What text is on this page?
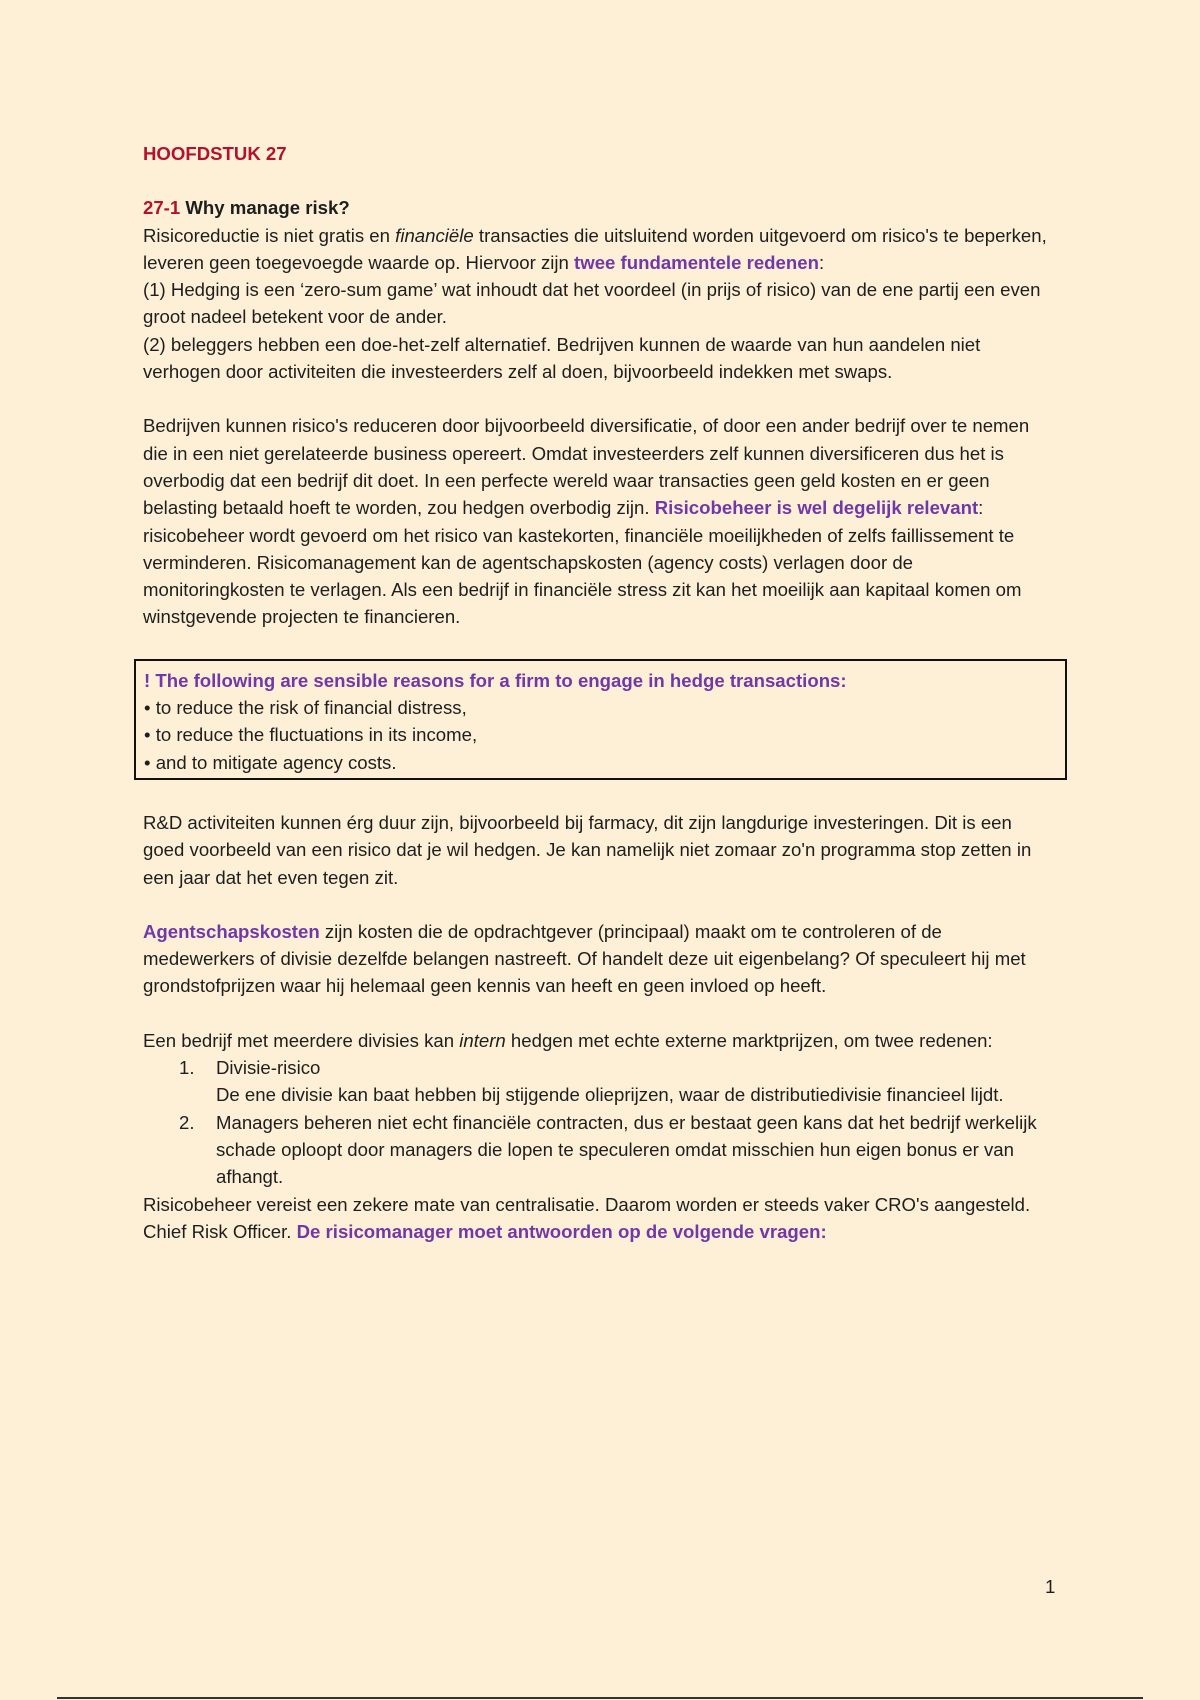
HOOFDSTUK 27

27-1 Why manage risk?

Risicoreductie is niet gratis en financiële transacties die uitsluitend worden uitgevoerd om risico's te beperken, leveren geen toegevoegde waarde op. Hiervoor zijn twee fundamentele redenen:

(1) Hedging is een ‘zero-sum game’ wat inhoudt dat het voordeel (in prijs of risico) van de ene partij een even groot nadeel betekent voor de ander.

(2) beleggers hebben een doe-het-zelf alternatief. Bedrijven kunnen de waarde van hun aandelen niet verhogen door activiteiten die investeerders zelf al doen, bijvoorbeeld indekken met swaps.

Bedrijven kunnen risico's reduceren door bijvoorbeeld diversificatie, of door een ander bedrijf over te nemen die in een niet gerelateerde business opereert. Omdat investeerders zelf kunnen diversificeren dus het is overbodig dat een bedrijf dit doet. In een perfecte wereld waar transacties geen geld kosten en er geen belasting betaald hoeft te worden, zou hedgen overbodig zijn. Risicobeheer is wel degelijk relevant: risicobeheer wordt gevoerd om het risico van kastekorten, financiële moeilijkheden of zelfs faillissement te verminderen. Risicomanagement kan de agentschapskosten (agency costs) verlagen door de monitoringkosten te verlagen. Als een bedrijf in financiële stress zit kan het moeilijk aan kapitaal komen om winstgevende projecten te financieren.

! The following are sensible reasons for a firm to engage in hedge transactions:

• to reduce the risk of financial distress,

• to reduce the fluctuations in its income,

• and to mitigate agency costs.

R&D activiteiten kunnen érg duur zijn, bijvoorbeeld bij farmacy, dit zijn langdurige investeringen. Dit is een goed voorbeeld van een risico dat je wil hedgen. Je kan namelijk niet zomaar zo'n programma stop zetten in een jaar dat het even tegen zit.

Agentschapskosten zijn kosten die de opdrachtgever (principaal) maakt om te controleren of de medewerkers of divisie dezelfde belangen nastreeft. Of handelt deze uit eigenbelang? Of speculeert hij met grondstofprijzen waar hij helemaal geen kennis van heeft en geen invloed op heeft.

Een bedrijf met meerdere divisies kan intern hedgen met echte externe marktprijzen, om twee redenen:

1. Divisie-risico
De ene divisie kan baat hebben bij stijgende olieprijzen, waar de distributiedivisie financieel lijdt.
2. Managers beheren niet echt financiële contracten, dus er bestaat geen kans dat het bedrijf werkelijk schade oploopt door managers die lopen te speculeren omdat misschien hun eigen bonus er van afhangt.

Risicobeheer vereist een zekere mate van centralisatie. Daarom worden er steeds vaker CRO's aangesteld. Chief Risk Officer. De risicomanager moet antwoorden op de volgende vragen:

1
